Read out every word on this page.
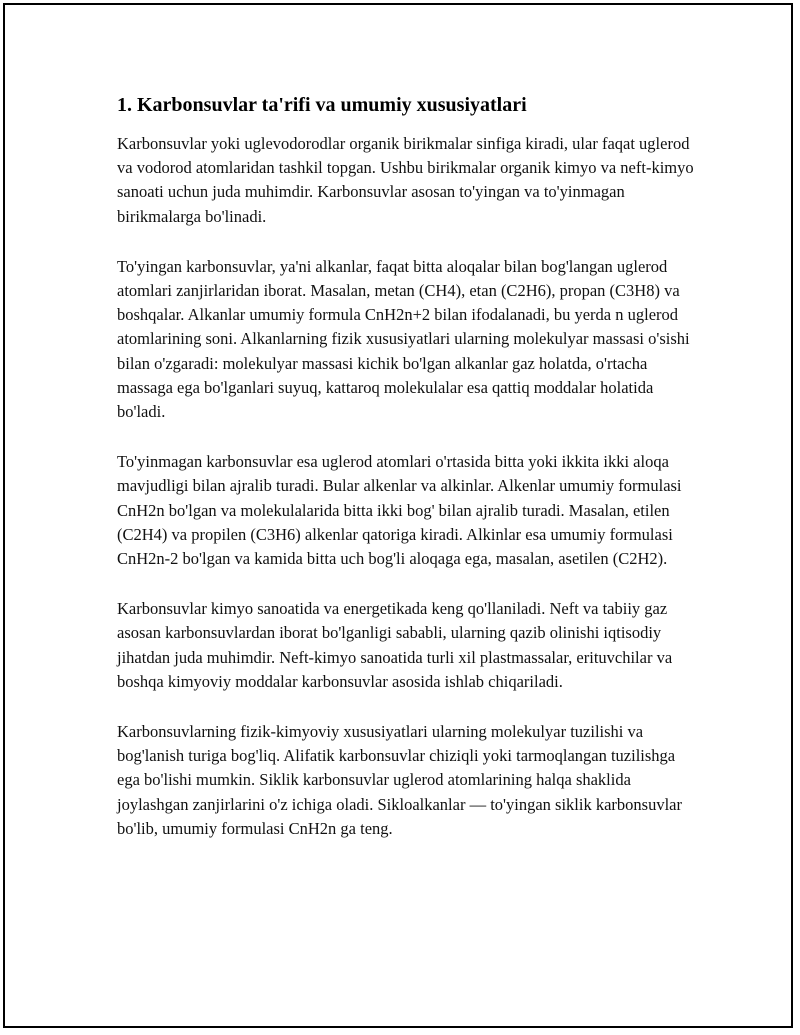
1. Karbonsuvlar ta'rifi va umumiy xususiyatlari

Karbonsuvlar yoki uglevodorodlar organik birikmalar sinfiga kiradi, ular faqat uglerod va vodorod atomlaridan tashkil topgan. Ushbu birikmalar organik kimyo va neft-kimyo sanoati uchun juda muhimdir. Karbonsuvlar asosan to'yingan va to'yinmagan birikmalarga bo'linadi.

To'yingan karbonsuvlar, ya'ni alkanlar, faqat bitta aloqalar bilan bog'langan uglerod atomlari zanjirlaridan iborat. Masalan, metan (CH4), etan (C2H6), propan (C3H8) va boshqalar. Alkanlar umumiy formula CnH2n+2 bilan ifodalanadi, bu yerda n uglerod atomlarining soni. Alkanlarning fizik xususiyatlari ularning molekulyar massasi o'sishi bilan o'zgaradi: molekulyar massasi kichik bo'lgan alkanlar gaz holatda, o'rtacha massaga ega bo'lganlari suyuq, kattaroq molekulalar esa qattiq moddalar holatida bo'ladi.

To'yinmagan karbonsuvlar esa uglerod atomlari o'rtasida bitta yoki ikkita ikki aloqa mavjudligi bilan ajralib turadi. Bular alkenlar va alkinlar. Alkenlar umumiy formulasi CnH2n bo'lgan va molekulalarida bitta ikki bog' bilan ajralib turadi. Masalan, etilen (C2H4) va propilen (C3H6) alkenlar qatoriga kiradi. Alkinlar esa umumiy formulasi CnH2n-2 bo'lgan va kamida bitta uch bog'li aloqaga ega, masalan, asetilen (C2H2).

Karbonsuvlar kimyo sanoatida va energetikada keng qo'llaniladi. Neft va tabiiy gaz asosan karbonsuvlardan iborat bo'lganligi sababli, ularning qazib olinishi iqtisodiy jihatdan juda muhimdir. Neft-kimyo sanoatida turli xil plastmassalar, erituvchilar va boshqa kimyoviy moddalar karbonsuvlar asosida ishlab chiqariladi.

Karbonsuvlarning fizik-kimyoviy xususiyatlari ularning molekulyar tuzilishi va bog'lanish turiga bog'liq. Alifatik karbonsuvlar chiziqli yoki tarmoqlangan tuzilishga ega bo'lishi mumkin. Siklik karbonsuvlar uglerod atomlarining halqa shaklida joylashgan zanjirlarini o'z ichiga oladi. Sikloalkanlar — to'yingan siklik karbonsuvlar bo'lib, umumiy formulasi CnH2n ga teng.
